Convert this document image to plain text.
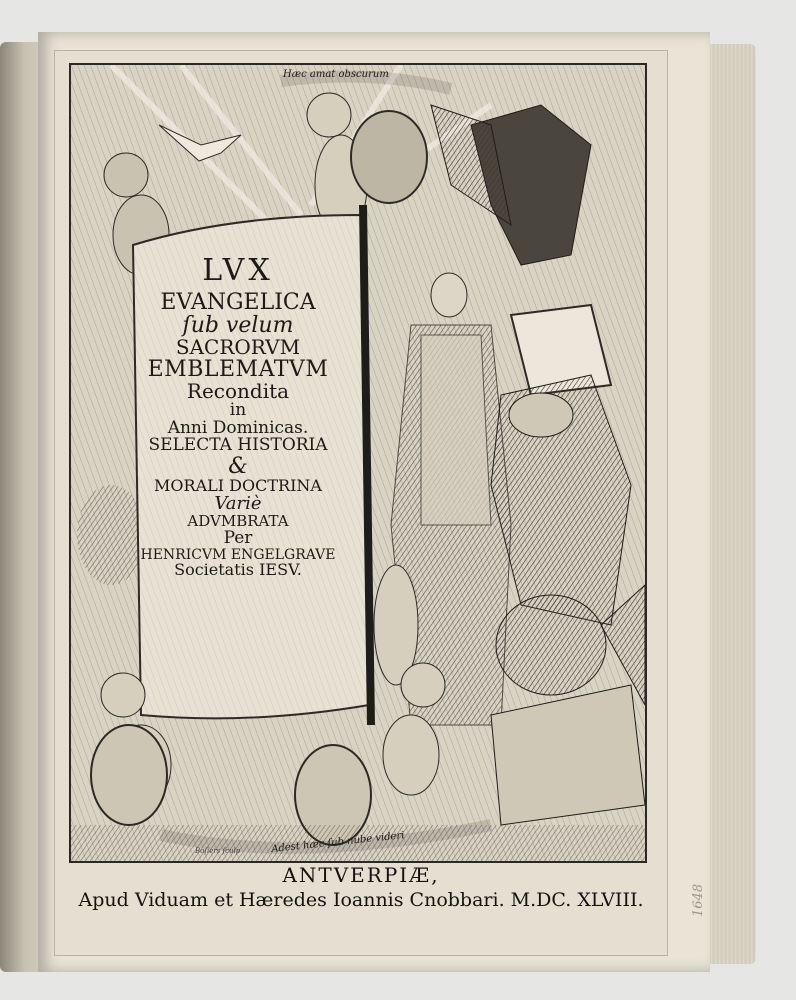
LVX
EVANGELICA
ſub velum
SACRORVM
EMBLEMATVM
Recondita
in
Anni Dominicas.
SELECTA HISTORIA
&
MORALI DOCTRINA
Variè
ADVMBRATA
Per
HENRICVM ENGELGRAVE
Societatis IESV.
Hæc amat obscurum
Adest hæc ſub nube videri
Boſiers ſculp
ANTVERPIÆ,
Apud Viduam et Hæredes Ioannis Cnobbari. M.DC. XLVIII.	1648
